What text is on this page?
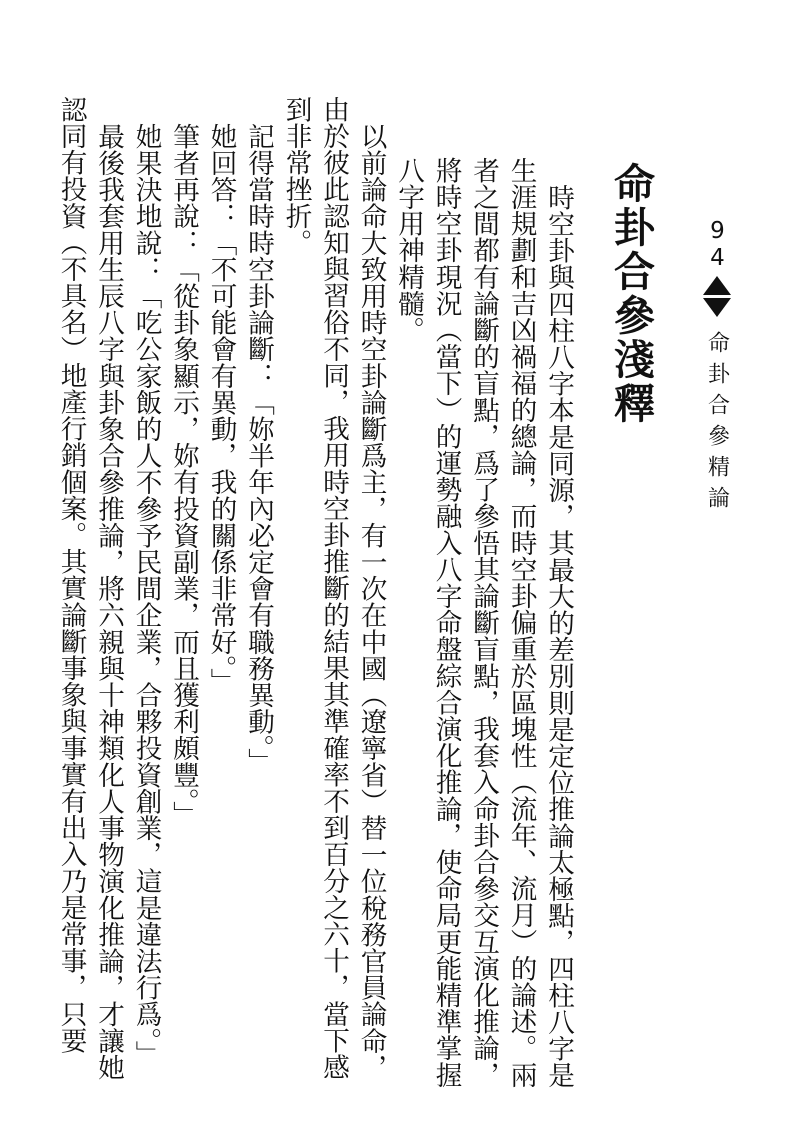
94
命卦合參精論
命卦合參淺釋

時空卦與四柱八字本是同源，其最大的差別則是定位推論太極點，四柱八字是生涯規劃和吉凶禍福的總論，而時空卦偏重於區塊性（流年、流月）的論述。兩者之間都有論斷的盲點，爲了參悟其論斷盲點，我套入命卦合參交互演化推論，將時空卦現況（當下）的運勢融入八字命盤綜合演化推論，使命局更能精準掌握八字用神精髓。

以前論命大致用時空卦論斷爲主，有一次在中國（遼寧省）替一位稅務官員論命，由於彼此認知與習俗不同，我用時空卦推斷的結果其準確率不到百分之六十，當下感到非常挫折。

記得當時時空卦論斷：「妳半年內必定會有職務異動。」

她回答：「不可能會有異動，我的關係非常好。」

筆者再說：「從卦象顯示，妳有投資副業，而且獲利頗豐。」

她果決地說：「吃公家飯的人不參予民間企業，合夥投資創業，這是違法行爲。」

最後我套用生辰八字與卦象合參推論，將六親與十神類化人事物演化推論，才讓她認同有投資（不具名）地產行銷個案。其實論斷事象與事實有出入乃是常事，只要
